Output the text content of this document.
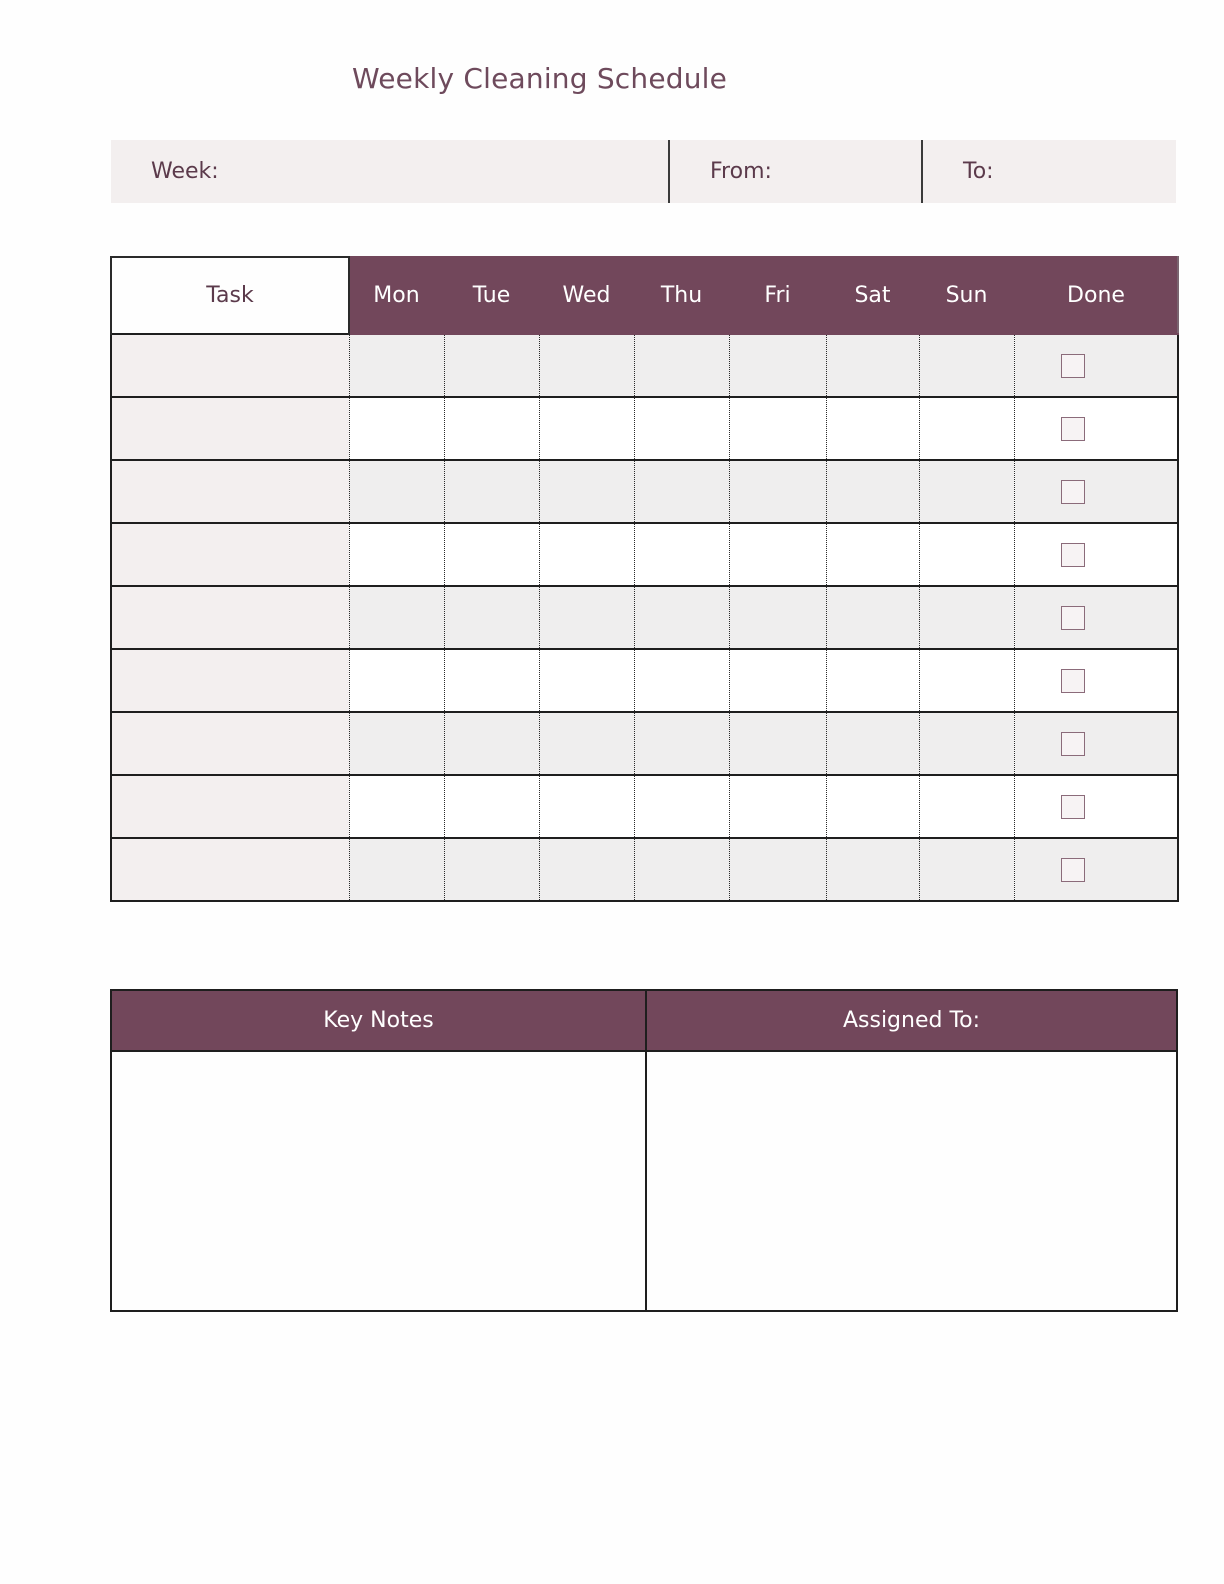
Weekly Cleaning Schedule
Week:	From:	To:
Task	Mon	Tue	Wed	Thu	Fri	Sat	Sun	Done

Key Notes	Assigned To:
